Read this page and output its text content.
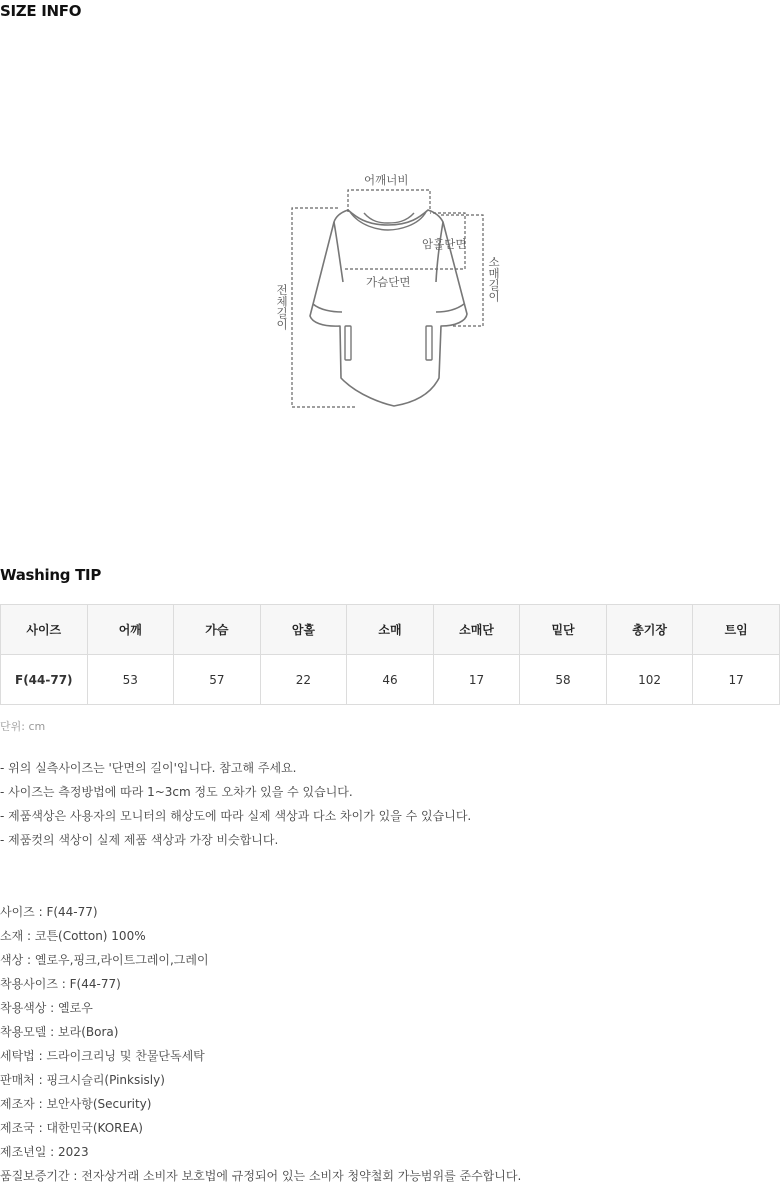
SIZE INFO
어깨너비
암홀단면
가슴단면	소매길이
전체길이
Washing TIP
사이즈	어깨	가슴	암홀	소매	소매단	밑단	총기장	트임
F(44-77)	53	57	22	46	17	58	102	17
단위: cm
- 위의 실측사이즈는 '단면의 길이'입니다. 참고해 주세요.
- 사이즈는 측정방법에 따라 1~3cm 정도 오차가 있을 수 있습니다.
- 제품색상은 사용자의 모니터의 해상도에 따라 실제 색상과 다소 차이가 있을 수 있습니다.
- 제품컷의 색상이 실제 제품 색상과 가장 비슷합니다.
사이즈 : F(44-77)
소재 : 코튼(Cotton) 100%
색상 : 옐로우,핑크,라이트그레이,그레이
착용사이즈 : F(44-77)
착용색상 : 옐로우
착용모델 : 보라(Bora)
세탁법 : 드라이크리닝 및 찬물단독세탁
판매처 : 핑크시슬리(Pinksisly)
제조자 : 보안사항(Security)
제조국 : 대한민국(KOREA)
제조년일 : 2023
품질보증기간 : 전자상거래 소비자 보호법에 규정되어 있는 소비자 청약철회 가능범위를 준수합니다.
